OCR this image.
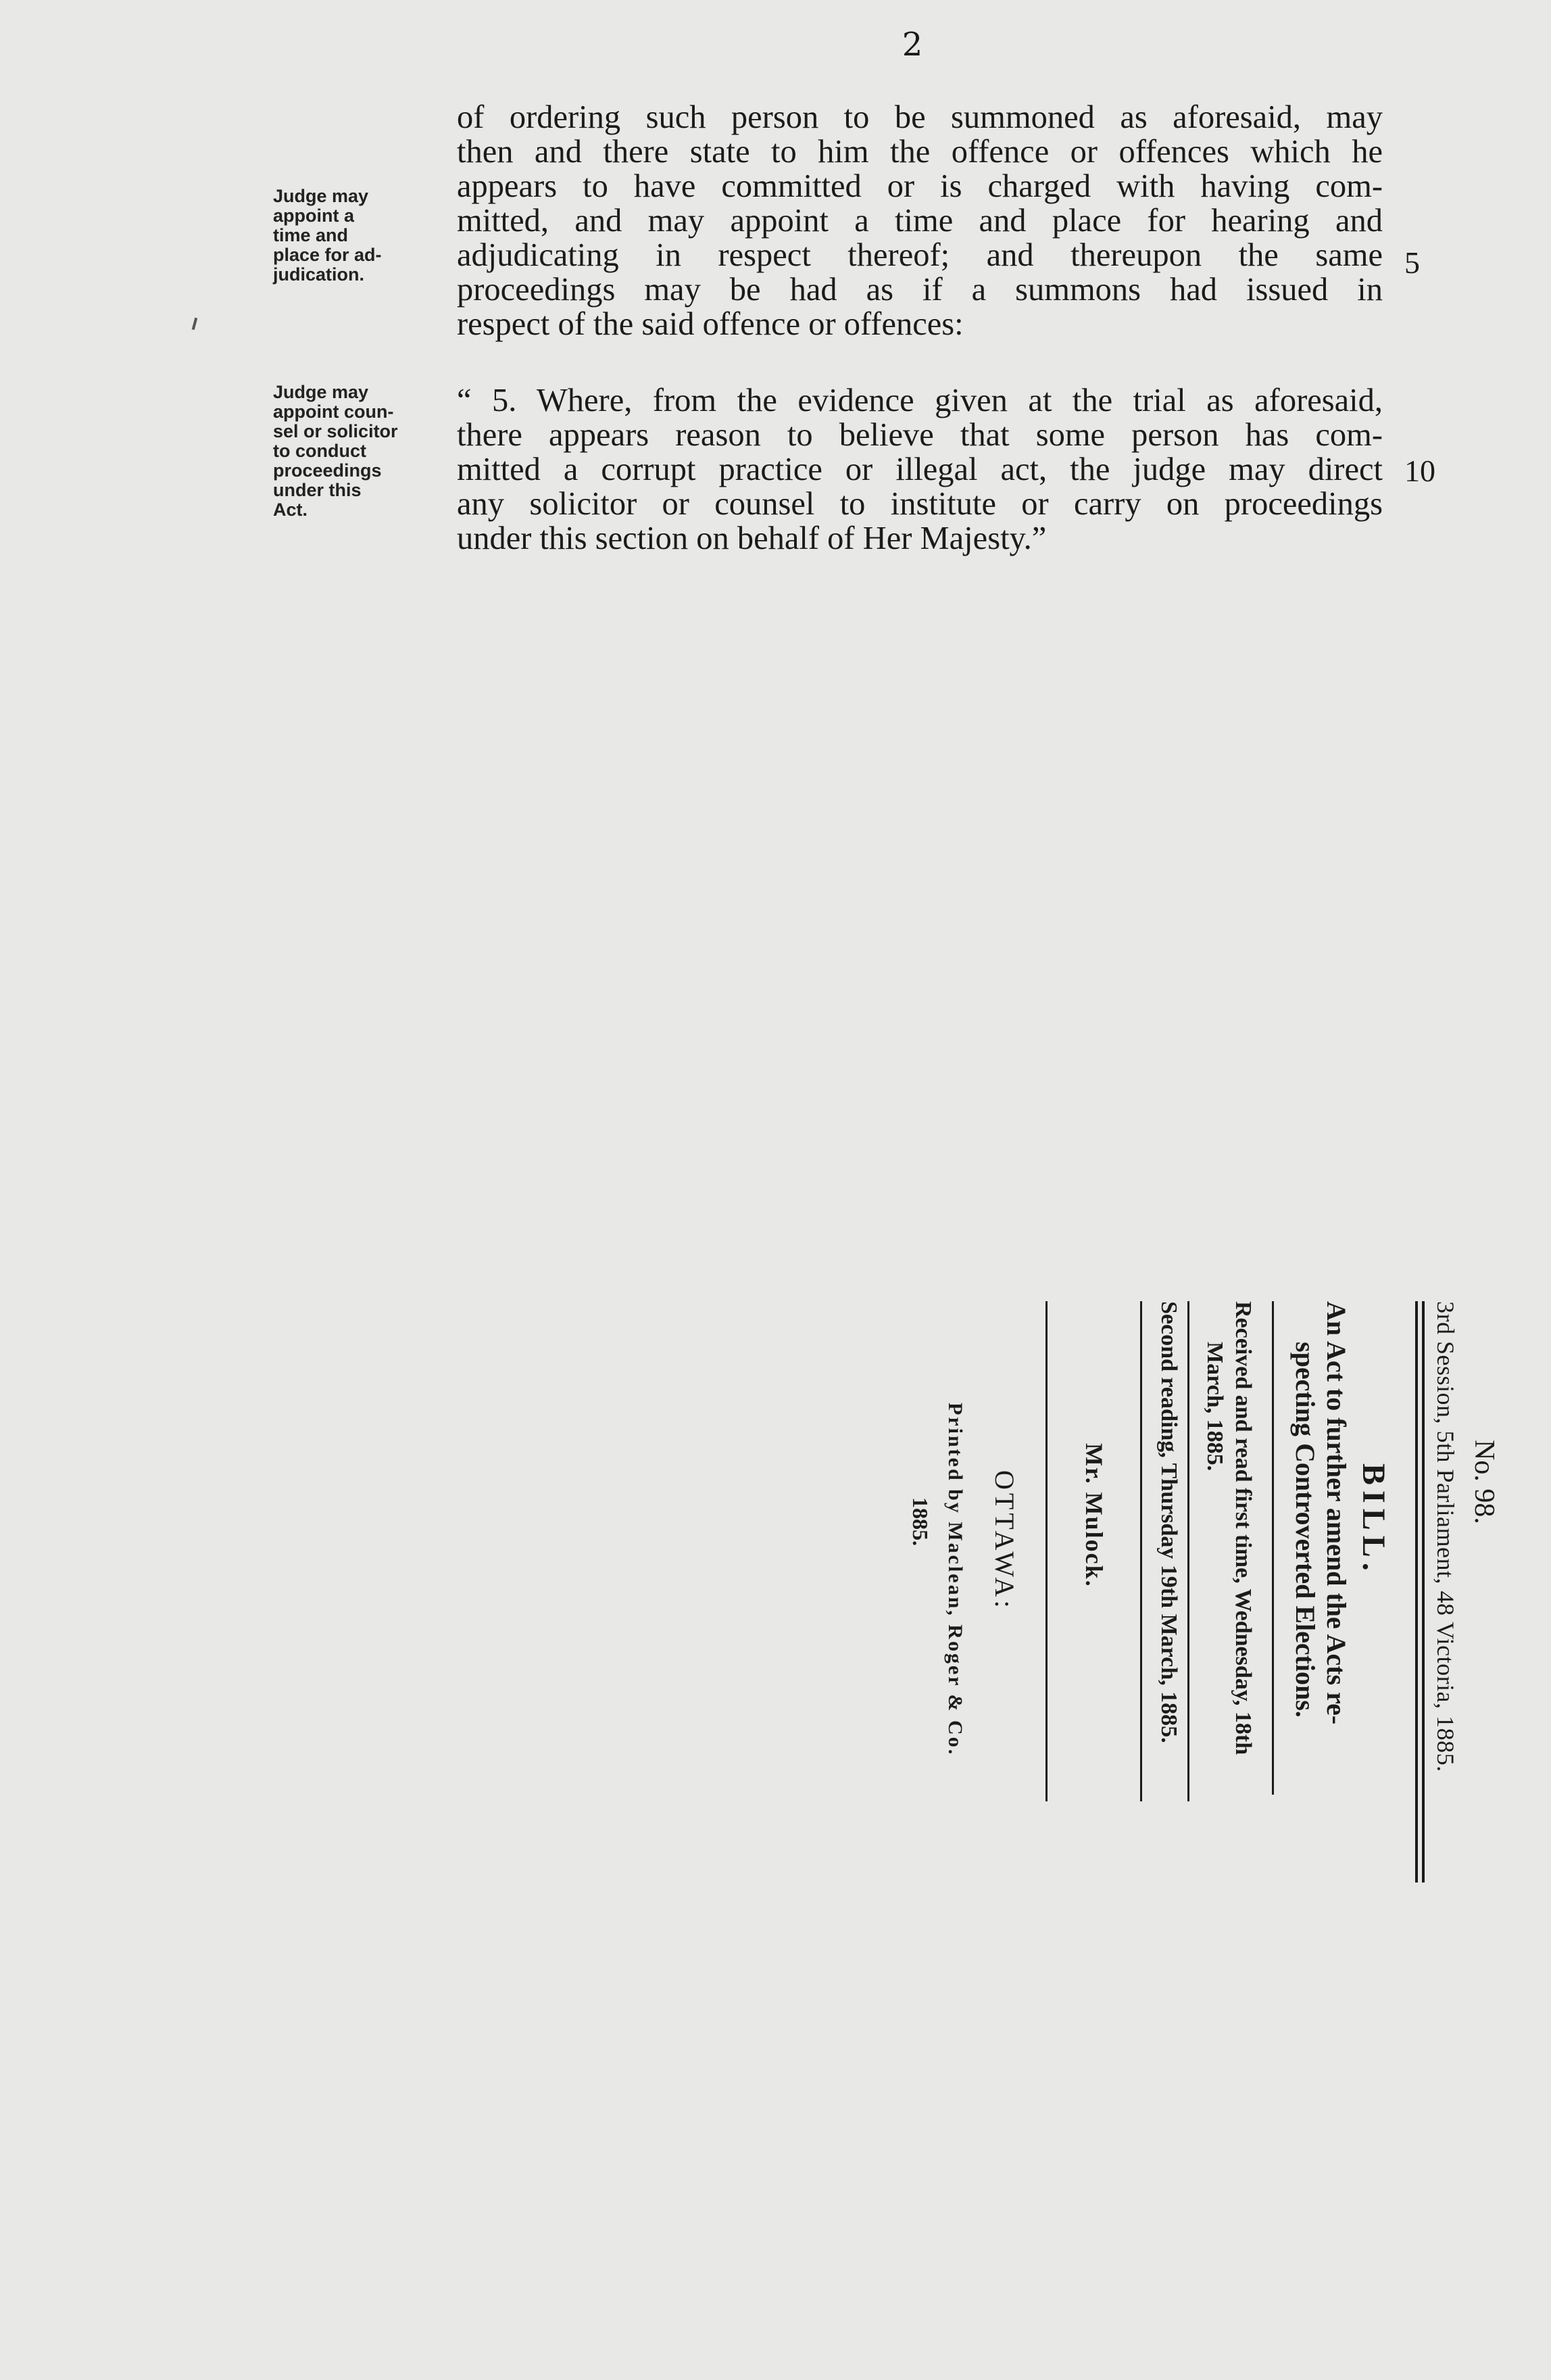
2

Judge may
appoint a
time and
place for ad-
judication.
Judge may
appoint coun-
sel or solicitor
to conduct
proceedings
under this
Act.
of ordering such person to be summoned as aforesaid, may
then and there state to him the offence or offences which he
appears to have committed or is charged with having com-
mitted, and may appoint a time and place for hearing and
adjudicating in respect thereof; and thereupon the same
proceedings may be had as if a summons had issued in
respect of the said offence or offences:
“ 5. Where, from the evidence given at the trial as aforesaid,
there appears reason to believe that some person has com-
mitted a corrupt practice or illegal act, the judge may direct
any solicitor or counsel to institute or carry on proceedings
under this section on behalf of Her Majesty.”
5
10
No. 98.
3rd Session, 5th Parliament, 48 Victoria, 1885.
BILL.
An Act to further amend the Acts re-
specting Controverted Elections.
Received and read first time, Wednesday, 18th
March, 1885.
Second reading, Thursday 19th March, 1885.
Mr. Mulock.
OTTAWA:
Printed by Maclean, Roger & Co.
1885.
